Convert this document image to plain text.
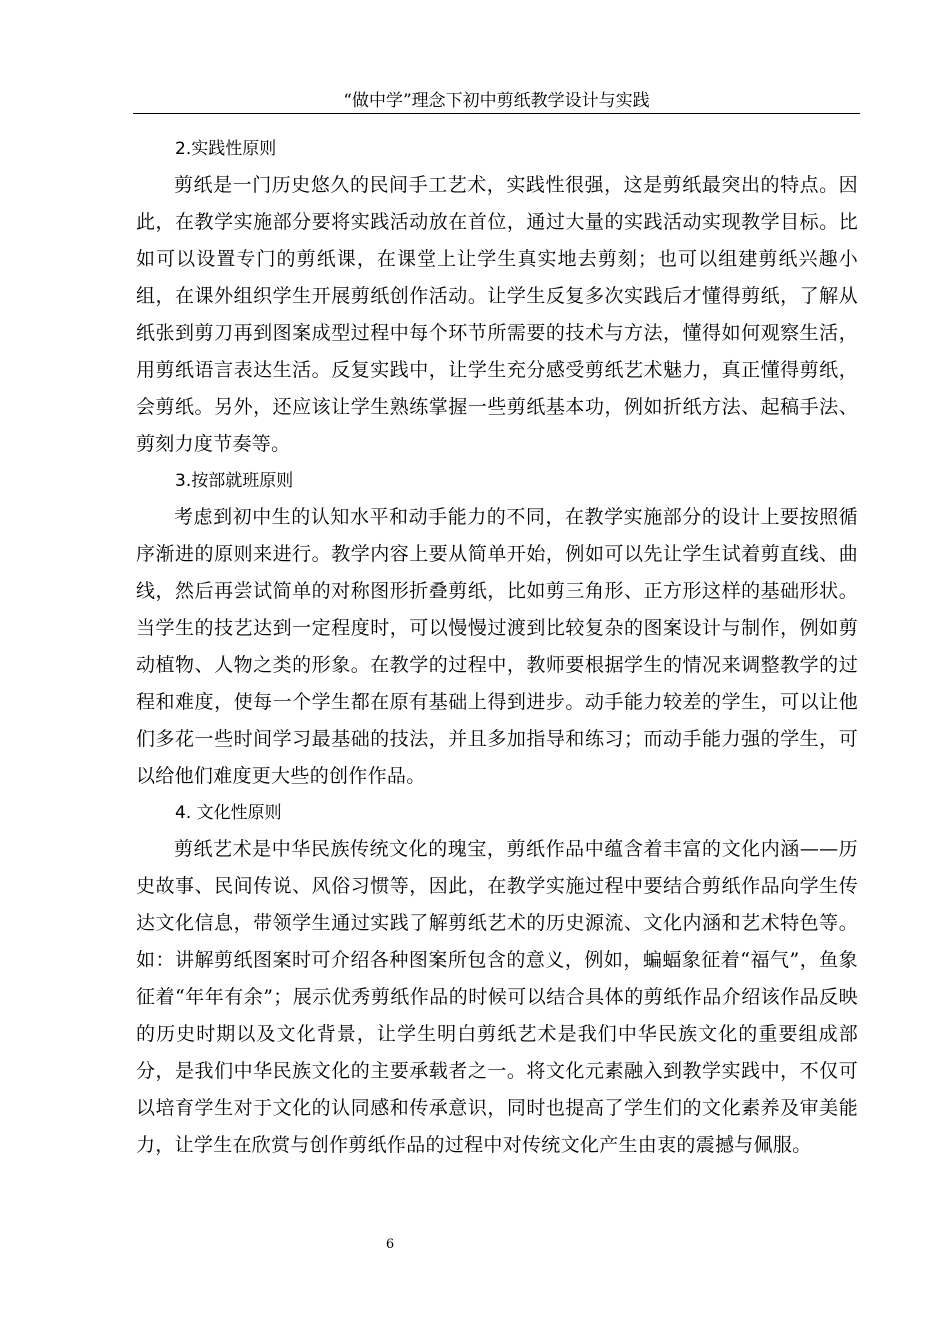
“做中学”理念下初中剪纸教学设计与实践

2.实践性原则

剪纸是一门历史悠久的民间手工艺术，实践性很强，这是剪纸最突出的特点。因此，在教学实施部分要将实践活动放在首位，通过大量的实践活动实现教学目标。比如可以设置专门的剪纸课，在课堂上让学生真实地去剪刻；也可以组建剪纸兴趣小组，在课外组织学生开展剪纸创作活动。让学生反复多次实践后才懂得剪纸，了解从纸张到剪刀再到图案成型过程中每个环节所需要的技术与方法，懂得如何观察生活，用剪纸语言表达生活。反复实践中，让学生充分感受剪纸艺术魅力，真正懂得剪纸，会剪纸。另外，还应该让学生熟练掌握一些剪纸基本功，例如折纸方法、起稿手法、剪刻力度节奏等。

3.按部就班原则

考虑到初中生的认知水平和动手能力的不同，在教学实施部分的设计上要按照循序渐进的原则来进行。教学内容上要从简单开始，例如可以先让学生试着剪直线、曲线，然后再尝试简单的对称图形折叠剪纸，比如剪三角形、正方形这样的基础形状。当学生的技艺达到一定程度时，可以慢慢过渡到比较复杂的图案设计与制作，例如剪动植物、人物之类的形象。在教学的过程中，教师要根据学生的情况来调整教学的过程和难度，使每一个学生都在原有基础上得到进步。动手能力较差的学生，可以让他们多花一些时间学习最基础的技法，并且多加指导和练习；而动手能力强的学生，可以给他们难度更大些的创作作品。

4. 文化性原则

剪纸艺术是中华民族传统文化的瑰宝，剪纸作品中蕴含着丰富的文化内涵——历史故事、民间传说、风俗习惯等，因此，在教学实施过程中要结合剪纸作品向学生传达文化信息，带领学生通过实践了解剪纸艺术的历史源流、文化内涵和艺术特色等。如：讲解剪纸图案时可介绍各种图案所包含的意义，例如，蝙蝠象征着“福气”，鱼象征着“年年有余”；展示优秀剪纸作品的时候可以结合具体的剪纸作品介绍该作品反映的历史时期以及文化背景，让学生明白剪纸艺术是我们中华民族文化的重要组成部分，是我们中华民族文化的主要承载者之一。将文化元素融入到教学实践中，不仅可以培育学生对于文化的认同感和传承意识，同时也提高了学生们的文化素养及审美能力，让学生在欣赏与创作剪纸作品的过程中对传统文化产生由衷的震撼与佩服。

6
